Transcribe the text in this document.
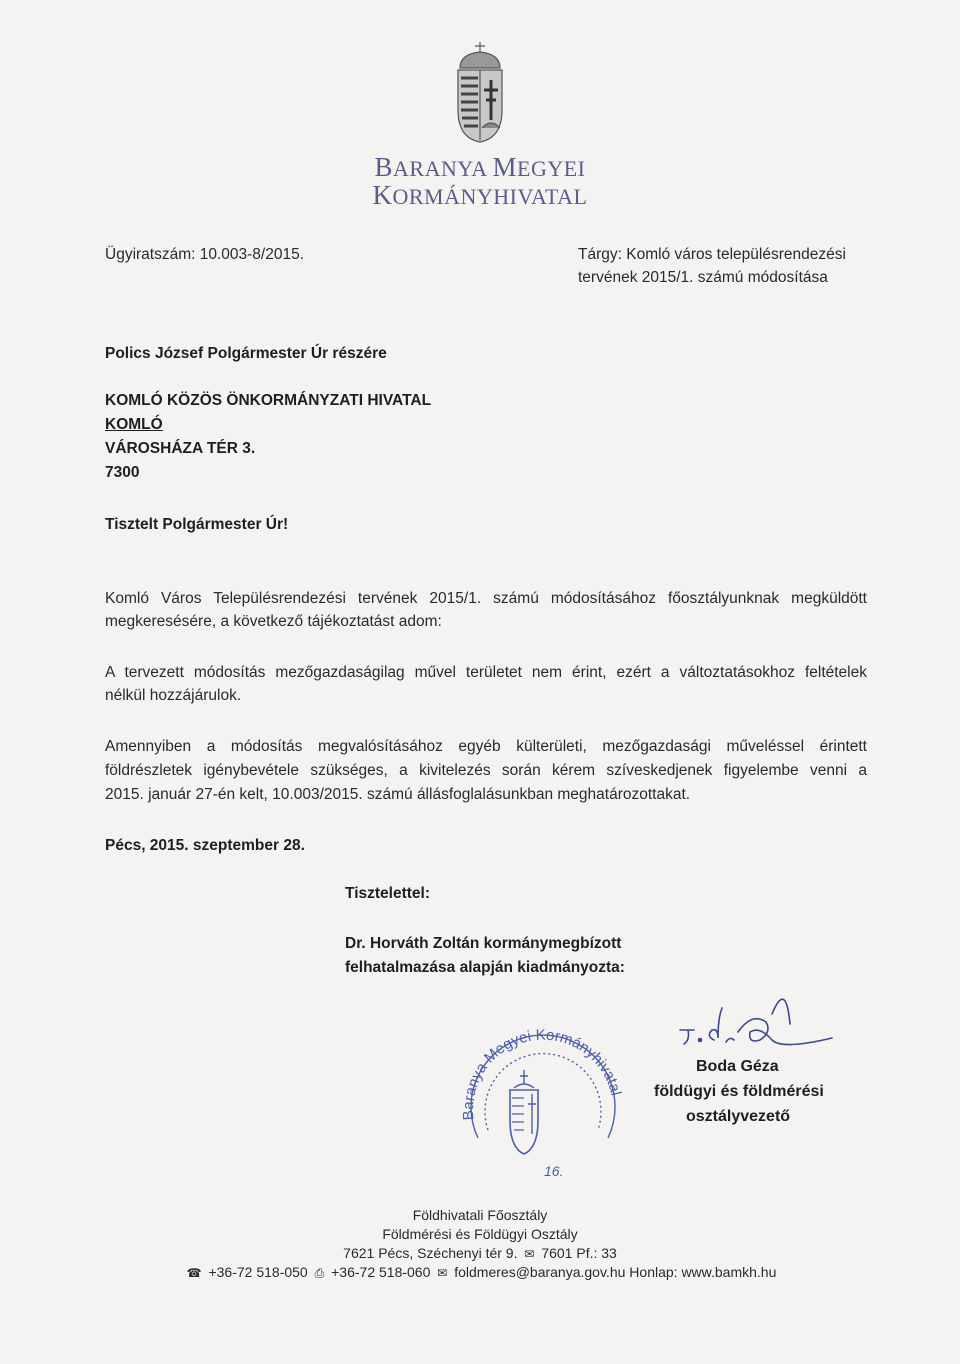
BARANYA MEGYEI
KORMÁNYHIVATAL
Ügyiratszám: 10.003-8/2015.	Tárgy: Komló város településrendezési
tervének 2015/1. számú módosítása
Polics József Polgármester Úr részére
KOMLÓ KÖZÖS ÖNKORMÁNYZATI HIVATAL
KOMLÓ
VÁROSHÁZA TÉR 3.
7300
Tisztelt Polgármester Úr!
Komló Város Településrendezési tervének 2015/1. számú módosításához főosztályunknak megküldött
megkeresésére, a következő tájékoztatást adom:
A tervezett módosítás mezőgazdaságilag művel területet nem érint, ezért a változtatásokhoz feltételek
nélkül hozzájárulok.
Amennyiben a módosítás megvalósításához egyéb külterületi, mezőgazdasági műveléssel érintett
földrészletek igénybevétele szükséges, a kivitelezés során kérem szíveskedjenek figyelembe venni a
2015. január 27-én kelt, 10.003/2015. számú állásfoglalásunkban meghatározottakat.
Pécs, 2015. szeptember 28.
Tisztelettel:
Dr. Horváth Zoltán kormánymegbízott
felhatalmazása alapján kiadmányozta:
Baranya Megyei Kormányhivatal
16.
Boda Géza
földügyi és földmérési
osztályvezető
Földhivatali Főosztály
Földmérési és Földügyi Osztály
7621 Pécs, Széchenyi tér 9. ✉ 7601 Pf.: 33
☎ +36-72 518-050 ⎙ +36-72 518-060 ✉ foldmeres@baranya.gov.hu Honlap: www.bamkh.hu
